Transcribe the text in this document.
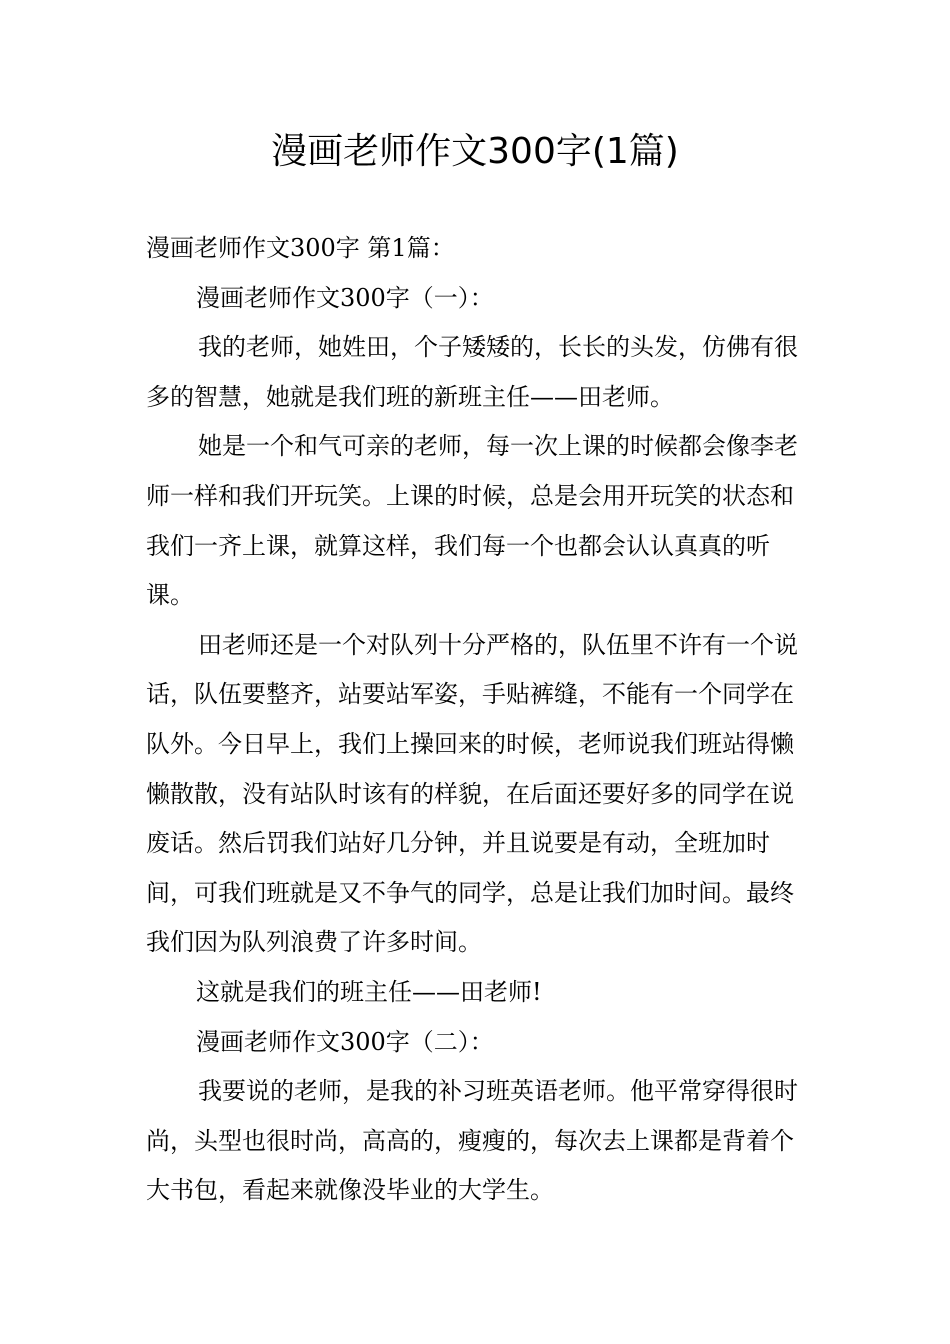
漫画老师作文300字(1篇)

漫画老师作文300字 第1篇：

漫画老师作文300字（一）：

我的老师，她姓田，个子矮矮的，长长的头发，仿佛有很多的智慧，她就是我们班的新班主任——田老师。

她是一个和气可亲的老师，每一次上课的时候都会像李老师一样和我们开玩笑。上课的时候，总是会用开玩笑的状态和我们一齐上课，就算这样，我们每一个也都会认认真真的听课。

田老师还是一个对队列十分严格的，队伍里不许有一个说话，队伍要整齐，站要站军姿，手贴裤缝，不能有一个同学在队外。今日早上，我们上操回来的时候，老师说我们班站得懒懒散散，没有站队时该有的样貌，在后面还要好多的同学在说废话。然后罚我们站好几分钟，并且说要是有动，全班加时间，可我们班就是又不争气的同学，总是让我们加时间。最终我们因为队列浪费了许多时间。

这就是我们的班主任——田老师!

漫画老师作文300字（二）：

我要说的老师，是我的补习班英语老师。他平常穿得很时尚，头型也很时尚，高高的，瘦瘦的，每次去上课都是背着个大书包，看起来就像没毕业的大学生。
